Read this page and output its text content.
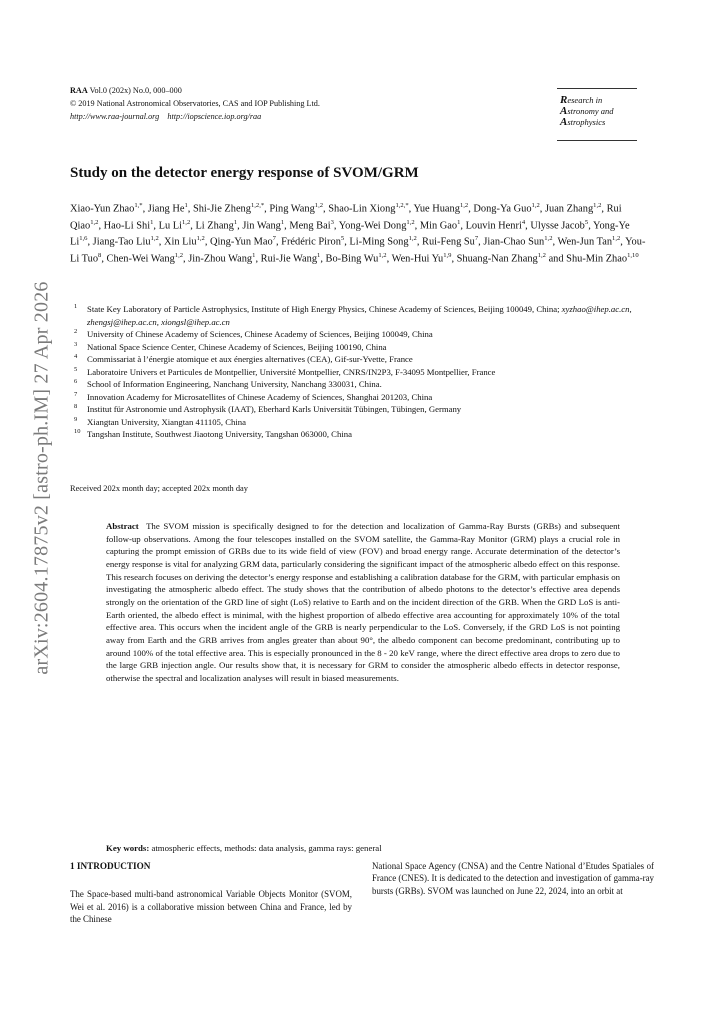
arXiv:2604.17875v2 [astro-ph.IM] 27 Apr 2026
RAA Vol.0 (202x) No.0, 000–000
© 2019 National Astronomical Observatories, CAS and IOP Publishing Ltd.
http://www.raa-journal.org http://iopscience.iop.org/raa
Research in
Astronomy and
Astrophysics
Study on the detector energy response of SVOM/GRM
Xiao-Yun Zhao$^{1,*}$, Jiang He$^1$, Shi-Jie Zheng$^{1,2,*}$, Ping Wang$^{1,2}$, Shao-Lin Xiong$^{1,2,*}$, Yue Huang$^{1,2}$, Dong-Ya Guo$^{1,2}$, Juan Zhang$^{1,2}$, Rui Qiao$^{1,2}$, Hao-Li Shi$^1$, Lu Li$^{1,2}$, Li Zhang$^1$, Jin Wang$^1$, Meng Bai$^3$, Yong-Wei Dong$^{1,2}$, Min Gao$^1$, Louvin Henri$^4$, Ulysse Jacob$^5$, Yong-Ye Li$^{1,6}$, Jiang-Tao Liu$^{1,2}$, Xin Liu$^{1,2}$, Qing-Yun Mao$^7$, Frédéric Piron$^5$, Li-Ming Song$^{1,2}$, Rui-Feng Su$^7$, Jian-Chao Sun$^{1,2}$, Wen-Jun Tan$^{1,2}$, You-Li Tuo$^8$, Chen-Wei Wang$^{1,2}$, Jin-Zhou Wang$^1$, Rui-Jie Wang$^1$, Bo-Bing Wu$^{1,2}$, Wen-Hui Yu$^{1,9}$, Shuang-Nan Zhang$^{1,2}$ and Shu-Min Zhao$^{1,10}$
1 State Key Laboratory of Particle Astrophysics, Institute of High Energy Physics, Chinese Academy of Sciences, Beijing 100049, China; xyzhao@ihep.ac.cn, zhengsj@ihep.ac.cn, xiongsl@ihep.ac.cn
2 University of Chinese Academy of Sciences, Chinese Academy of Sciences, Beijing 100049, China
3 National Space Science Center, Chinese Academy of Sciences, Beijing 100190, China
4 Commissariat à l’énergie atomique et aux énergies alternatives (CEA), Gif-sur-Yvette, France
5 Laboratoire Univers et Particules de Montpellier, Université Montpellier, CNRS/IN2P3, F-34095 Montpellier, France
6 School of Information Engineering, Nanchang University, Nanchang 330031, China.
7 Innovation Academy for Microsatellites of Chinese Academy of Sciences, Shanghai 201203, China
8 Institut für Astronomie und Astrophysik (IAAT), Eberhard Karls Universität Tübingen, Tübingen, Germany
9 Xiangtan University, Xiangtan 411105, China
10 Tangshan Institute, Southwest Jiaotong University, Tangshan 063000, China
Received 202x month day; accepted 202x month day
Abstract The SVOM mission is specifically designed to for the detection and localization of Gamma-Ray Bursts (GRBs) and subsequent follow-up observations. Among the four telescopes installed on the SVOM satellite, the Gamma-Ray Monitor (GRM) plays a crucial role in capturing the prompt emission of GRBs due to its wide field of view (FOV) and broad energy range. Accurate determination of the detector’s energy response is vital for analyzing GRM data, particularly considering the significant impact of the atmospheric albedo effect on this response. This research focuses on deriving the detector’s energy response and establishing a calibration database for the GRM, with particular emphasis on investigating the atmospheric albedo effect. The study shows that the contribution of albedo photons to the detector’s effective area depends strongly on the orientation of the GRD line of sight (LoS) relative to Earth and on the incident direction of the GRB. When the GRD LoS is anti-Earth oriented, the albedo effect is minimal, with the highest proportion of albedo effective area accounting for approximately 10% of the total effective area. This occurs when the incident angle of the GRB is nearly perpendicular to the LoS. Conversely, if the GRD LoS is not pointing away from Earth and the GRB arrives from angles greater than about 90°, the albedo component can become predominant, contributing up to around 100% of the total effective area. This is especially pronounced in the 8 - 20 keV range, where the direct effective area drops to zero due to the large GRB injection angle. Our results show that, it is necessary for GRM to consider the atmospheric albedo effects in detector response, otherwise the spectral and localization analyses will result in biased measurements.
Key words: atmospheric effects, methods: data analysis, gamma rays: general
1 INTRODUCTION

The Space-based multi-band astronomical Variable Objects Monitor (SVOM, Wei et al. 2016) is a collaborative mission between China and France, led by the Chinese

National Space Agency (CNSA) and the Centre National d’Etudes Spatiales of France (CNES). It is dedicated to the detection and investigation of gamma-ray bursts (GRBs). SVOM was launched on June 22, 2024, into an orbit at
